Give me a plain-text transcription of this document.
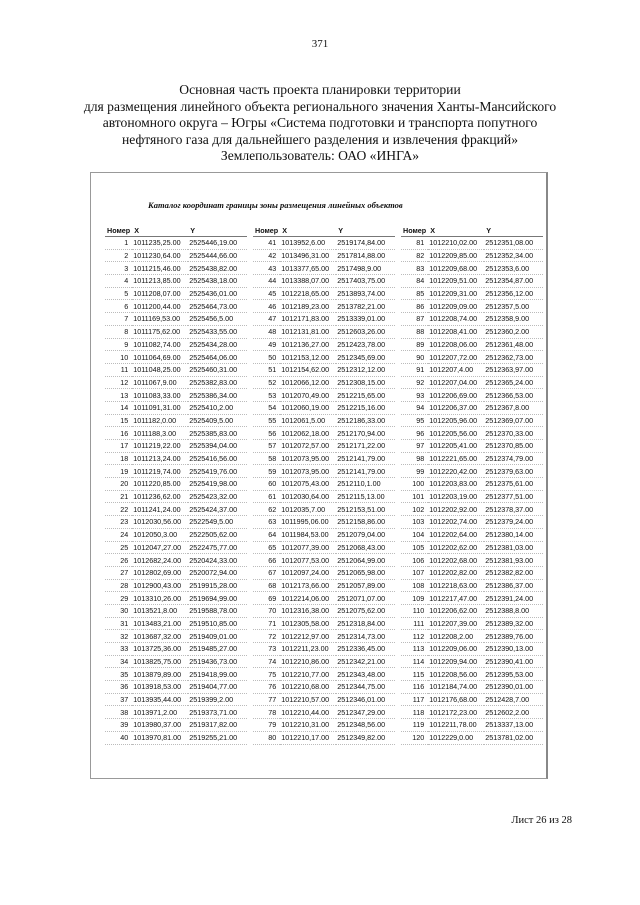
371
Основная часть проекта планировки территории
для размещения линейного объекта регионального значения Ханты-Мансийского
автономного округа – Югры «Система подготовки и транспорта попутного
нефтяного газа для дальнейшего разделения и извлечения фракций»
Землепользователь: ОАО «ИНГА»
Каталог координат границы зоны размещения линейных объектов
Номер	X	Y
1	1011235,25.00	2525446,19.00
2	1011230,64.00	2525444,66.00
3	1011215,46.00	2525438,82.00
4	1011213,85.00	2525438,18.00
5	1011208,07.00	2525436,01.00
6	1011200,44.00	2525464,73.00
7	1011169,53.00	2525456,5.00
8	1011175,62.00	2525433,55.00
9	1011082,74.00	2525434,28.00
10	1011064,69.00	2525464,06.00
11	1011048,25.00	2525460,31.00
12	1011067,9.00	2525382,83.00
13	1011083,33.00	2525386,34.00
14	1011091,31.00	2525410,2.00
15	1011182,0.00	2525409,5.00
16	1011188,3.00	2525385,83.00
17	1011219,22.00	2525394,04.00
18	1011213,24.00	2525416,56.00
19	1011219,74.00	2525419,76.00
20	1011220,85.00	2525419,98.00
21	1011236,62.00	2525423,32.00
22	1011241,24.00	2525424,37.00
23	1012030,56.00	2522549,5.00
24	1012050,3.00	2522505,62.00
25	1012047,27.00	2522475,77.00
26	1012682,24.00	2520424,33.00
27	1012802,69.00	2520072,94.00
28	1012900,43.00	2519915,28.00
29	1013310,26.00	2519694,99.00
30	1013521,8.00	2519588,78.00
31	1013483,21.00	2519510,85.00
32	1013687,32.00	2519409,01.00
33	1013725,36.00	2519485,27.00
34	1013825,75.00	2519436,73.00
35	1013879,89.00	2519418,99.00
36	1013918,53.00	2519404,77.00
37	1013935,44.00	2519399,2.00
38	1013971,2.00	2519373,71.00
39	1013980,37.00	2519317,82.00
40	1013970,81.00	2519255,21.00
Номер	X	Y
41	1013952,6.00	2519174,84.00
42	1013496,31.00	2517814,88.00
43	1013377,65.00	2517498,9.00
44	1013388,07.00	2517403,75.00
45	1012218,65.00	2513893,74.00
46	1012189,23.00	2513782,21.00
47	1012171,83.00	2513339,01.00
48	1012131,81.00	2512603,26.00
49	1012136,27.00	2512423,78.00
50	1012153,12.00	2512345,69.00
51	1012154,62.00	2512312,12.00
52	1012066,12.00	2512308,15.00
53	1012070,49.00	2512215,65.00
54	1012060,19.00	2512215,16.00
55	1012061,5.00	2512186,33.00
56	1012062,18.00	2512170,94.00
57	1012072,57.00	2512171,22.00
58	1012073,95.00	2512141,79.00
59	1012073,95.00	2512141,79.00
60	1012075,43.00	2512110,1.00
61	1012030,64.00	2512115,13.00
62	1012035,7.00	2512153,51.00
63	1011995,06.00	2512158,86.00
64	1011984,53.00	2512079,04.00
65	1012077,39.00	2512068,43.00
66	1012077,53.00	2512064,99.00
67	1012097,24.00	2512065,98.00
68	1012173,66.00	2512057,89.00
69	1012214,06.00	2512071,07.00
70	1012316,38.00	2512075,62.00
71	1012305,58.00	2512318,84.00
72	1012212,97.00	2512314,73.00
73	1012211,23.00	2512336,45.00
74	1012210,86.00	2512342,21.00
75	1012210,77.00	2512343,48.00
76	1012210,68.00	2512344,75.00
77	1012210,57.00	2512346,01.00
78	1012210,44.00	2512347,29.00
79	1012210,31.00	2512348,56.00
80	1012210,17.00	2512349,82.00
Номер	X	Y
81	1012210,02.00	2512351,08.00
82	1012209,85.00	2512352,34.00
83	1012209,68.00	2512353,6.00
84	1012209,51.00	2512354,87.00
85	1012209,31.00	2512356,12.00
86	1012209,09.00	2512357,5.00
87	1012208,74.00	2512358,9.00
88	1012208,41.00	2512360,2.00
89	1012208,06.00	2512361,48.00
90	1012207,72.00	2512362,73.00
91	1012207,4.00	2512363,97.00
92	1012207,04.00	2512365,24.00
93	1012206,69.00	2512366,53.00
94	1012206,37.00	2512367,8.00
95	1012205,96.00	2512369,07.00
96	1012205,56.00	2512370,33.00
97	1012205,41.00	2512370,85.00
98	1012221,65.00	2512374,79.00
99	1012220,42.00	2512379,63.00
100	1012203,83.00	2512375,61.00
101	1012203,19.00	2512377,51.00
102	1012202,92.00	2512378,37.00
103	1012202,74.00	2512379,24.00
104	1012202,64.00	2512380,14.00
105	1012202,62.00	2512381,03.00
106	1012202,68.00	2512381,93.00
107	1012202,82.00	2512382,82.00
108	1012218,63.00	2512386,37.00
109	1012217,47.00	2512391,24.00
110	1012206,62.00	2512388,8.00
111	1012207,39.00	2512389,32.00
112	1012208,2.00	2512389,76.00
113	1012209,06.00	2512390,13.00
114	1012209,94.00	2512390,41.00
115	1012208,56.00	2512395,53.00
116	1012184,74.00	2512390,01.00
117	1012176,68.00	2512428,7.00
118	1012172,23.00	2512602,2.00
119	1012211,78.00	2513337,13.00
120	1012229,0.00	2513781,02.00
Лист 26 из 28
